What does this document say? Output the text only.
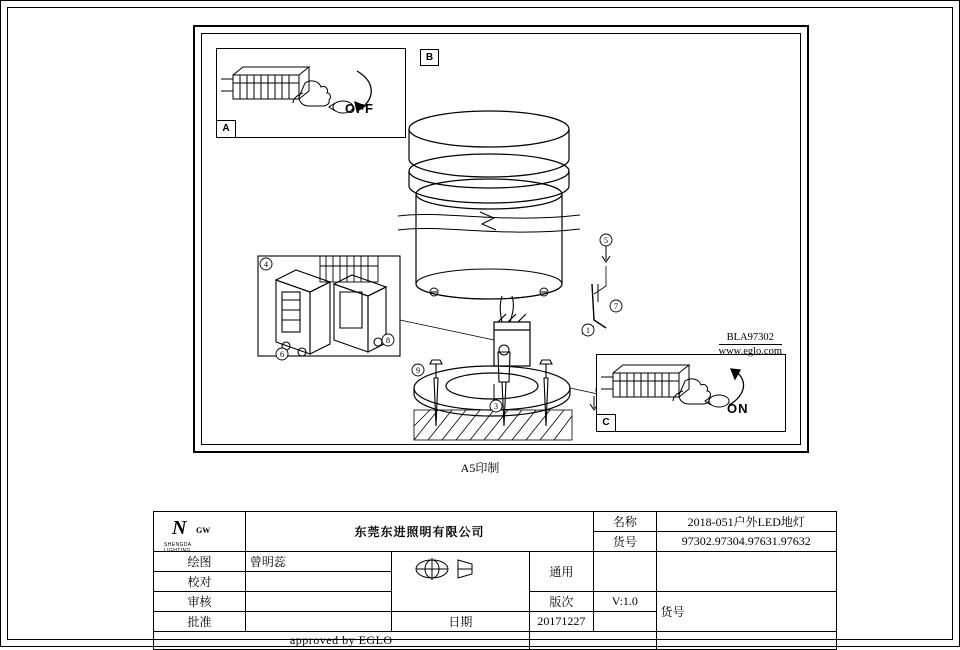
5
7
1
9
3
4
6
8
OFF
A
B
ON
C
BLA97302
www.eglo.com
A5印制
N GW
SHENGDA
LIGHTING	东莞东进照明有限公司			名称	2018-051户外LED地灯
				货号	97302.97304.97631.97632
绘图	曾明蕊		通用		
校对					
审核			版次	V:1.0	货号
批准		日期	20171227		
approved by EGLO					
